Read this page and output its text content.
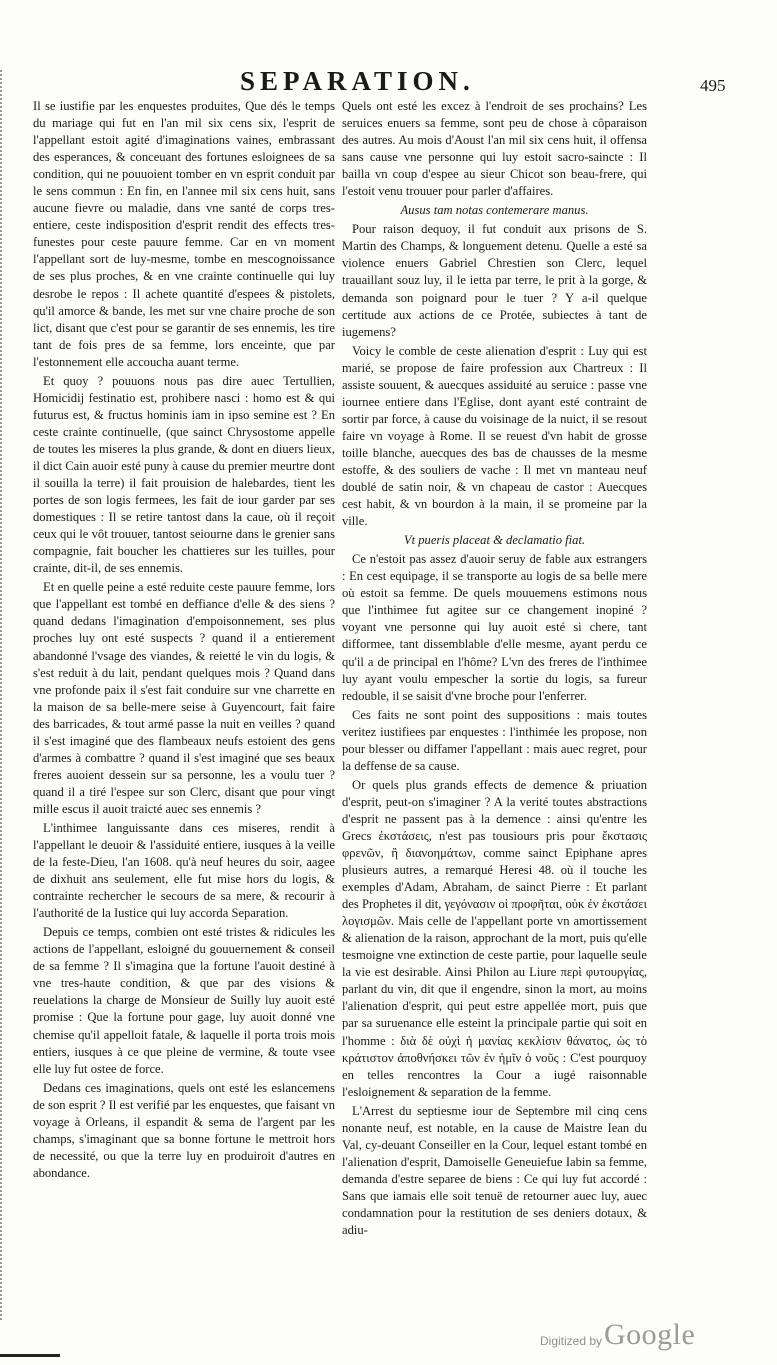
SEPARATION.	495

Il se iustifie par les enquestes produites, Que dés le temps du mariage qui fut en l'an mil six cens six, l'esprit de l'appellant estoit agité d'imaginations vaines, embrassant des esperances, & conceuant des fortunes esloignees de sa condition, qui ne pouuoient tomber en vn esprit conduit par le sens commun : En fin, en l'annee mil six cens huit, sans aucune fievre ou maladie, dans vne santé de corps tres-entiere, ceste indisposition d'esprit rendit des effects tres-funestes pour ceste pauure femme. Car en vn moment l'appellant sort de luy-mesme, tombe en mescognoissance de ses plus proches, & en vne crainte continuelle qui luy desrobe le repos : Il achete quantité d'espees & pistolets, qu'il amorce & bande, les met sur vne chaire proche de son lict, disant que c'est pour se garantir de ses ennemis, les tire tant de fois pres de sa femme, lors enceinte, que par l'estonnement elle accoucha auant terme.

Et quoy ? pouuons nous pas dire auec Tertullien, Homicidij festinatio est, prohibere nasci : homo est & qui futurus est, & fructus hominis iam in ipso semine est ? En ceste crainte continuelle, (que sainct Chrysostome appelle de toutes les miseres la plus grande, & dont en diuers lieux, il dict Cain auoir esté puny à cause du premier meurtre dont il souilla la terre) il fait prouision de halebardes, tient les portes de son logis fermees, les fait de iour garder par ses domestiques : Il se retire tantost dans la caue, où il reçoit ceux qui le vôt trouuer, tantost seiourne dans le grenier sans compagnie, fait boucher les chattieres sur les tuilles, pour crainte, dit-il, de ses ennemis.

Et en quelle peine a esté reduite ceste pauure femme, lors que l'appellant est tombé en deffiance d'elle & des siens ? quand dedans l'imagination d'empoisonnement, ses plus proches luy ont esté suspects ? quand il a entierement abandonné l'vsage des viandes, & reietté le vin du logis, & s'est reduit à du lait, pendant quelques mois ? Quand dans vne profonde paix il s'est fait conduire sur vne charrette en la maison de sa belle-mere seise à Guyencourt, fait faire des barricades, & tout armé passe la nuit en veilles ? quand il s'est imaginé que des flambeaux neufs estoient des gens d'armes à combattre ? quand il s'est imaginé que ses beaux freres auoient dessein sur sa personne, les a voulu tuer ? quand il a tiré l'espee sur son Clerc, disant que pour vingt mille escus il auoit traicté auec ses ennemis ?

L'inthimee languissante dans ces miseres, rendit à l'appellant le deuoir & l'assiduité entiere, iusques à la veille de la feste-Dieu, l'an 1608. qu'à neuf heures du soir, aagee de dixhuit ans seulement, elle fut mise hors du logis, & contrainte rechercher le secours de sa mere, & recourir à l'authorité de la Iustice qui luy accorda Separation.

Depuis ce temps, combien ont esté tristes & ridicules les actions de l'appellant, esloigné du gouuernement & conseil de sa femme ? Il s'imagina que la fortune l'auoit destiné à vne tres-haute condition, & que par des visions & reuelations la charge de Monsieur de Suilly luy auoit esté promise : Que la fortune pour gage, luy auoit donné vne chemise qu'il appelloit fatale, & laquelle il porta trois mois entiers, iusques à ce que pleine de vermine, & toute vsee elle luy fut ostee de force.

Dedans ces imaginations, quels ont esté les eslancemens de son esprit ? Il est verifié par les enquestes, que faisant vn voyage à Orleans, il espandit & sema de l'argent par les champs, s'imaginant que sa bonne fortune le mettroit hors de necessité, ou que la terre luy en produiroit d'autres en abondance.

Quels ont esté les excez à l'endroit de ses prochains? Les seruices enuers sa femme, sont peu de chose à côparaison des autres. Au mois d'Aoust l'an mil six cens huit, il offensa sans cause vne personne qui luy estoit sacro-saincte : Il bailla vn coup d'espee au sieur Chicot son beau-frere, qui l'estoit venu trouuer pour parler d'affaires.

Ausus tam notas contemerare manus.

Pour raison dequoy, il fut conduit aux prisons de S. Martin des Champs, & longuement detenu. Quelle a esté sa violence enuers Gabriel Chrestien son Clerc, lequel trauaillant souz luy, il le ietta par terre, le prit à la gorge, & demanda son poignard pour le tuer ? Y a-il quelque certitude aux actions de ce Protée, subiectes à tant de iugemens?

Voicy le comble de ceste alienation d'esprit : Luy qui est marié, se propose de faire profession aux Chartreux : Il assiste souuent, & auecques assiduité au seruice : passe vne iournee entiere dans l'Eglise, dont ayant esté contraint de sortir par force, à cause du voisinage de la nuict, il se resout faire vn voyage à Rome. Il se reuest d'vn habit de grosse toille blanche, auecques des bas de chausses de la mesme estoffe, & des souliers de vache : Il met vn manteau neuf doublé de satin noir, & vn chapeau de castor : Auecques cest habit, & vn bourdon à la main, il se promeine par la ville.

Vt pueris placeat & declamatio fiat.

Ce n'estoit pas assez d'auoir seruy de fable aux estrangers : En cest equipage, il se transporte au logis de sa belle mere où estoit sa femme. De quels mouuemens estimons nous que l'inthimee fut agitee sur ce changement inopiné ? voyant vne personne qui luy auoit esté si chere, tant difformee, tant dissemblable d'elle mesme, ayant perdu ce qu'il a de principal en l'hôme? L'vn des freres de l'inthimee luy ayant voulu empescher la sortie du logis, sa fureur redouble, il se saisit d'vne broche pour l'enferrer.

Ces faits ne sont point des suppositions : mais toutes veritez iustifiees par enquestes : l'inthimée les propose, non pour blesser ou diffamer l'appellant : mais auec regret, pour la deffense de sa cause.

Or quels plus grands effects de demence & priuation d'esprit, peut-on s'imaginer ? A la verité toutes abstractions d'esprit ne passent pas à la demence : ainsi qu'entre les Grecs ἐκστάσεις, n'est pas tousiours pris pour ἔκστασις φρενῶν, ἢ διανοημάτων, comme sainct Epiphane apres plusieurs autres, a remarqué Heresi 48. où il touche les exemples d'Adam, Abraham, de sainct Pierre : Et parlant des Prophetes il dit, γεγόνασιν οἱ προφῆται, οὐκ ἐν ἐκστάσει λογισμῶν. Mais celle de l'appellant porte vn amortissement & alienation de la raison, approchant de la mort, puis qu'elle tesmoigne vne extinction de ceste partie, pour laquelle seule la vie est desirable. Ainsi Philon au Liure περὶ φυτουργίας, parlant du vin, dit que il engendre, sinon la mort, au moins l'alienation d'esprit, qui peut estre appellée mort, puis que par sa suruenance elle esteint la principale partie qui soit en l'homme : διὰ δὲ οὐχὶ ἡ μανίας κεκλίσιν θάνατος, ὡς τὸ κράτιστον ἀποθνήσκει τῶν ἐν ἡμῖν ὁ νοῦς : C'est pourquoy en telles rencontres la Cour a iugé raisonnable l'esloignement & separation de la femme.

L'Arrest du septiesme iour de Septembre mil cinq cens nonante neuf, est notable, en la cause de Maistre Iean du Val, cy-deuant Conseiller en la Cour, lequel estant tombé en l'alienation d'esprit, Damoiselle Geneuiefue Iabin sa femme, demanda d'estre separee de biens : Ce qui luy fut accordé : Sans que iamais elle soit tenuë de retourner auec luy, auec condamnation pour la restitution de ses deniers dotaux, & adiu-

Digitized by Google
